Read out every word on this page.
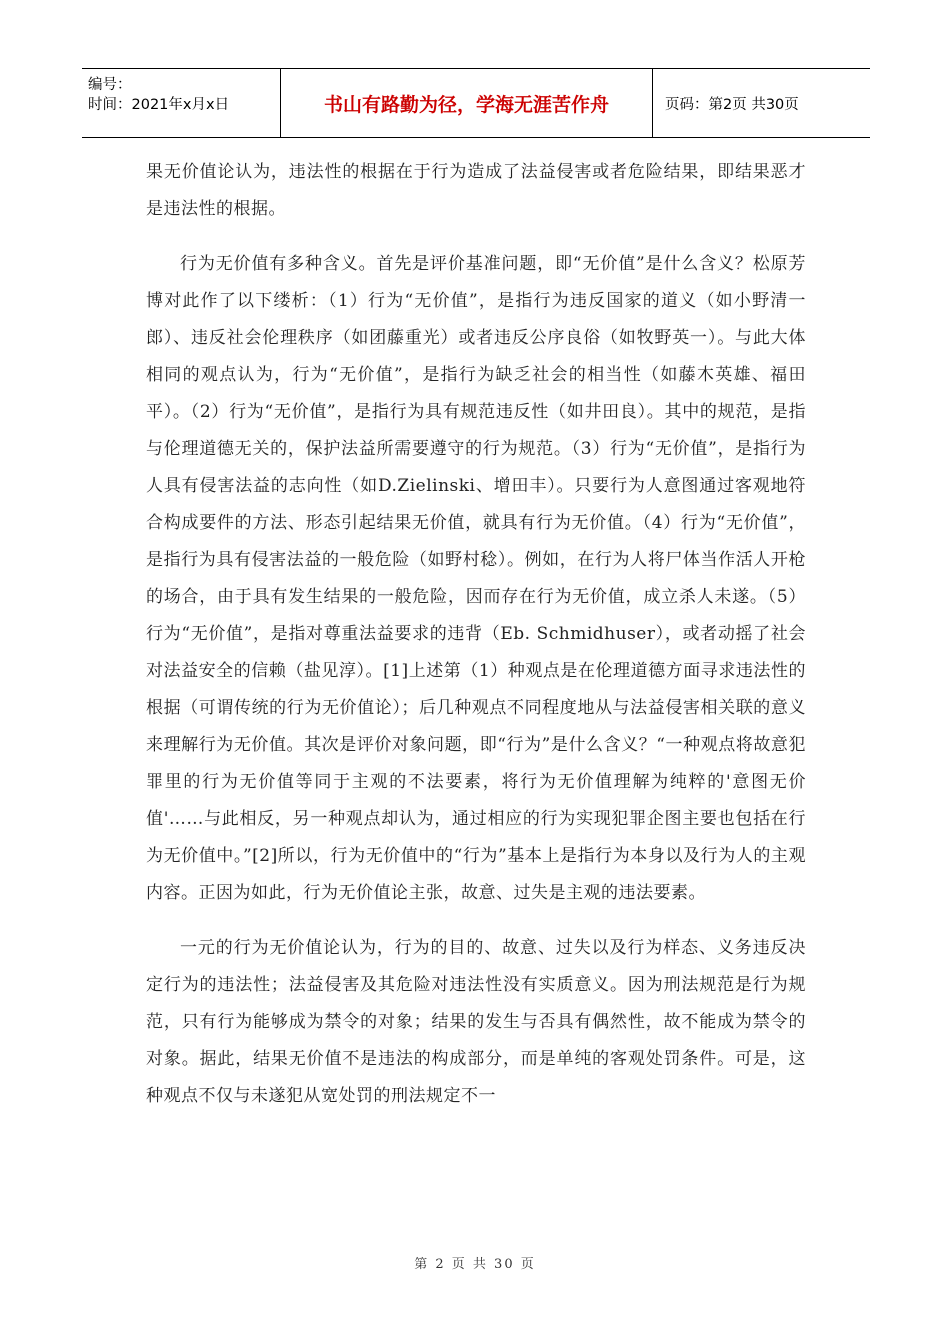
编号：
时间：2021年x月x日	书山有路勤为径，学海无涯苦作舟	页码：第2页 共30页

果无价值论认为，违法性的根据在于行为造成了法益侵害或者危险结果，即结果恶才是违法性的根据。

行为无价值有多种含义。首先是评价基准问题，即“无价值”是什么含义？松原芳博对此作了以下缕析：（1）行为“无价值”，是指行为违反国家的道义（如小野清一郎）、违反社会伦理秩序（如团藤重光）或者违反公序良俗（如牧野英一）。与此大体相同的观点认为，行为“无价值”，是指行为缺乏社会的相当性（如藤木英雄、福田平）。（2）行为“无价值”，是指行为具有规范违反性（如井田良）。其中的规范，是指与伦理道德无关的，保护法益所需要遵守的行为规范。（3）行为“无价值”，是指行为人具有侵害法益的志向性（如D.Zielinski、增田丰）。只要行为人意图通过客观地符合构成要件的方法、形态引起结果无价值，就具有行为无价值。（4）行为“无价值”，是指行为具有侵害法益的一般危险（如野村稔）。例如，在行为人将尸体当作活人开枪的场合，由于具有发生结果的一般危险，因而存在行为无价值，成立杀人未遂。（5）行为“无价值”，是指对尊重法益要求的违背（Eb. Schmidhuser），或者动摇了社会对法益安全的信赖（盐见淳）。[1]上述第（1）种观点是在伦理道德方面寻求违法性的根据（可谓传统的行为无价值论）；后几种观点不同程度地从与法益侵害相关联的意义来理解行为无价值。其次是评价对象问题，即“行为”是什么含义？“一种观点将故意犯罪里的行为无价值等同于主观的不法要素，将行为无价值理解为纯粹的'意图无价值'……与此相反，另一种观点却认为，通过相应的行为实现犯罪企图主要也包括在行为无价值中。”[2]所以，行为无价值中的“行为”基本上是指行为本身以及行为人的主观内容。正因为如此，行为无价值论主张，故意、过失是主观的违法要素。

一元的行为无价值论认为，行为的目的、故意、过失以及行为样态、义务违反决定行为的违法性；法益侵害及其危险对违法性没有实质意义。因为刑法规范是行为规范，只有行为能够成为禁令的对象；结果的发生与否具有偶然性，故不能成为禁令的对象。据此，结果无价值不是违法的构成部分，而是单纯的客观处罚条件。可是，这种观点不仅与未遂犯从宽处罚的刑法规定不一

第 2 页 共 30 页
